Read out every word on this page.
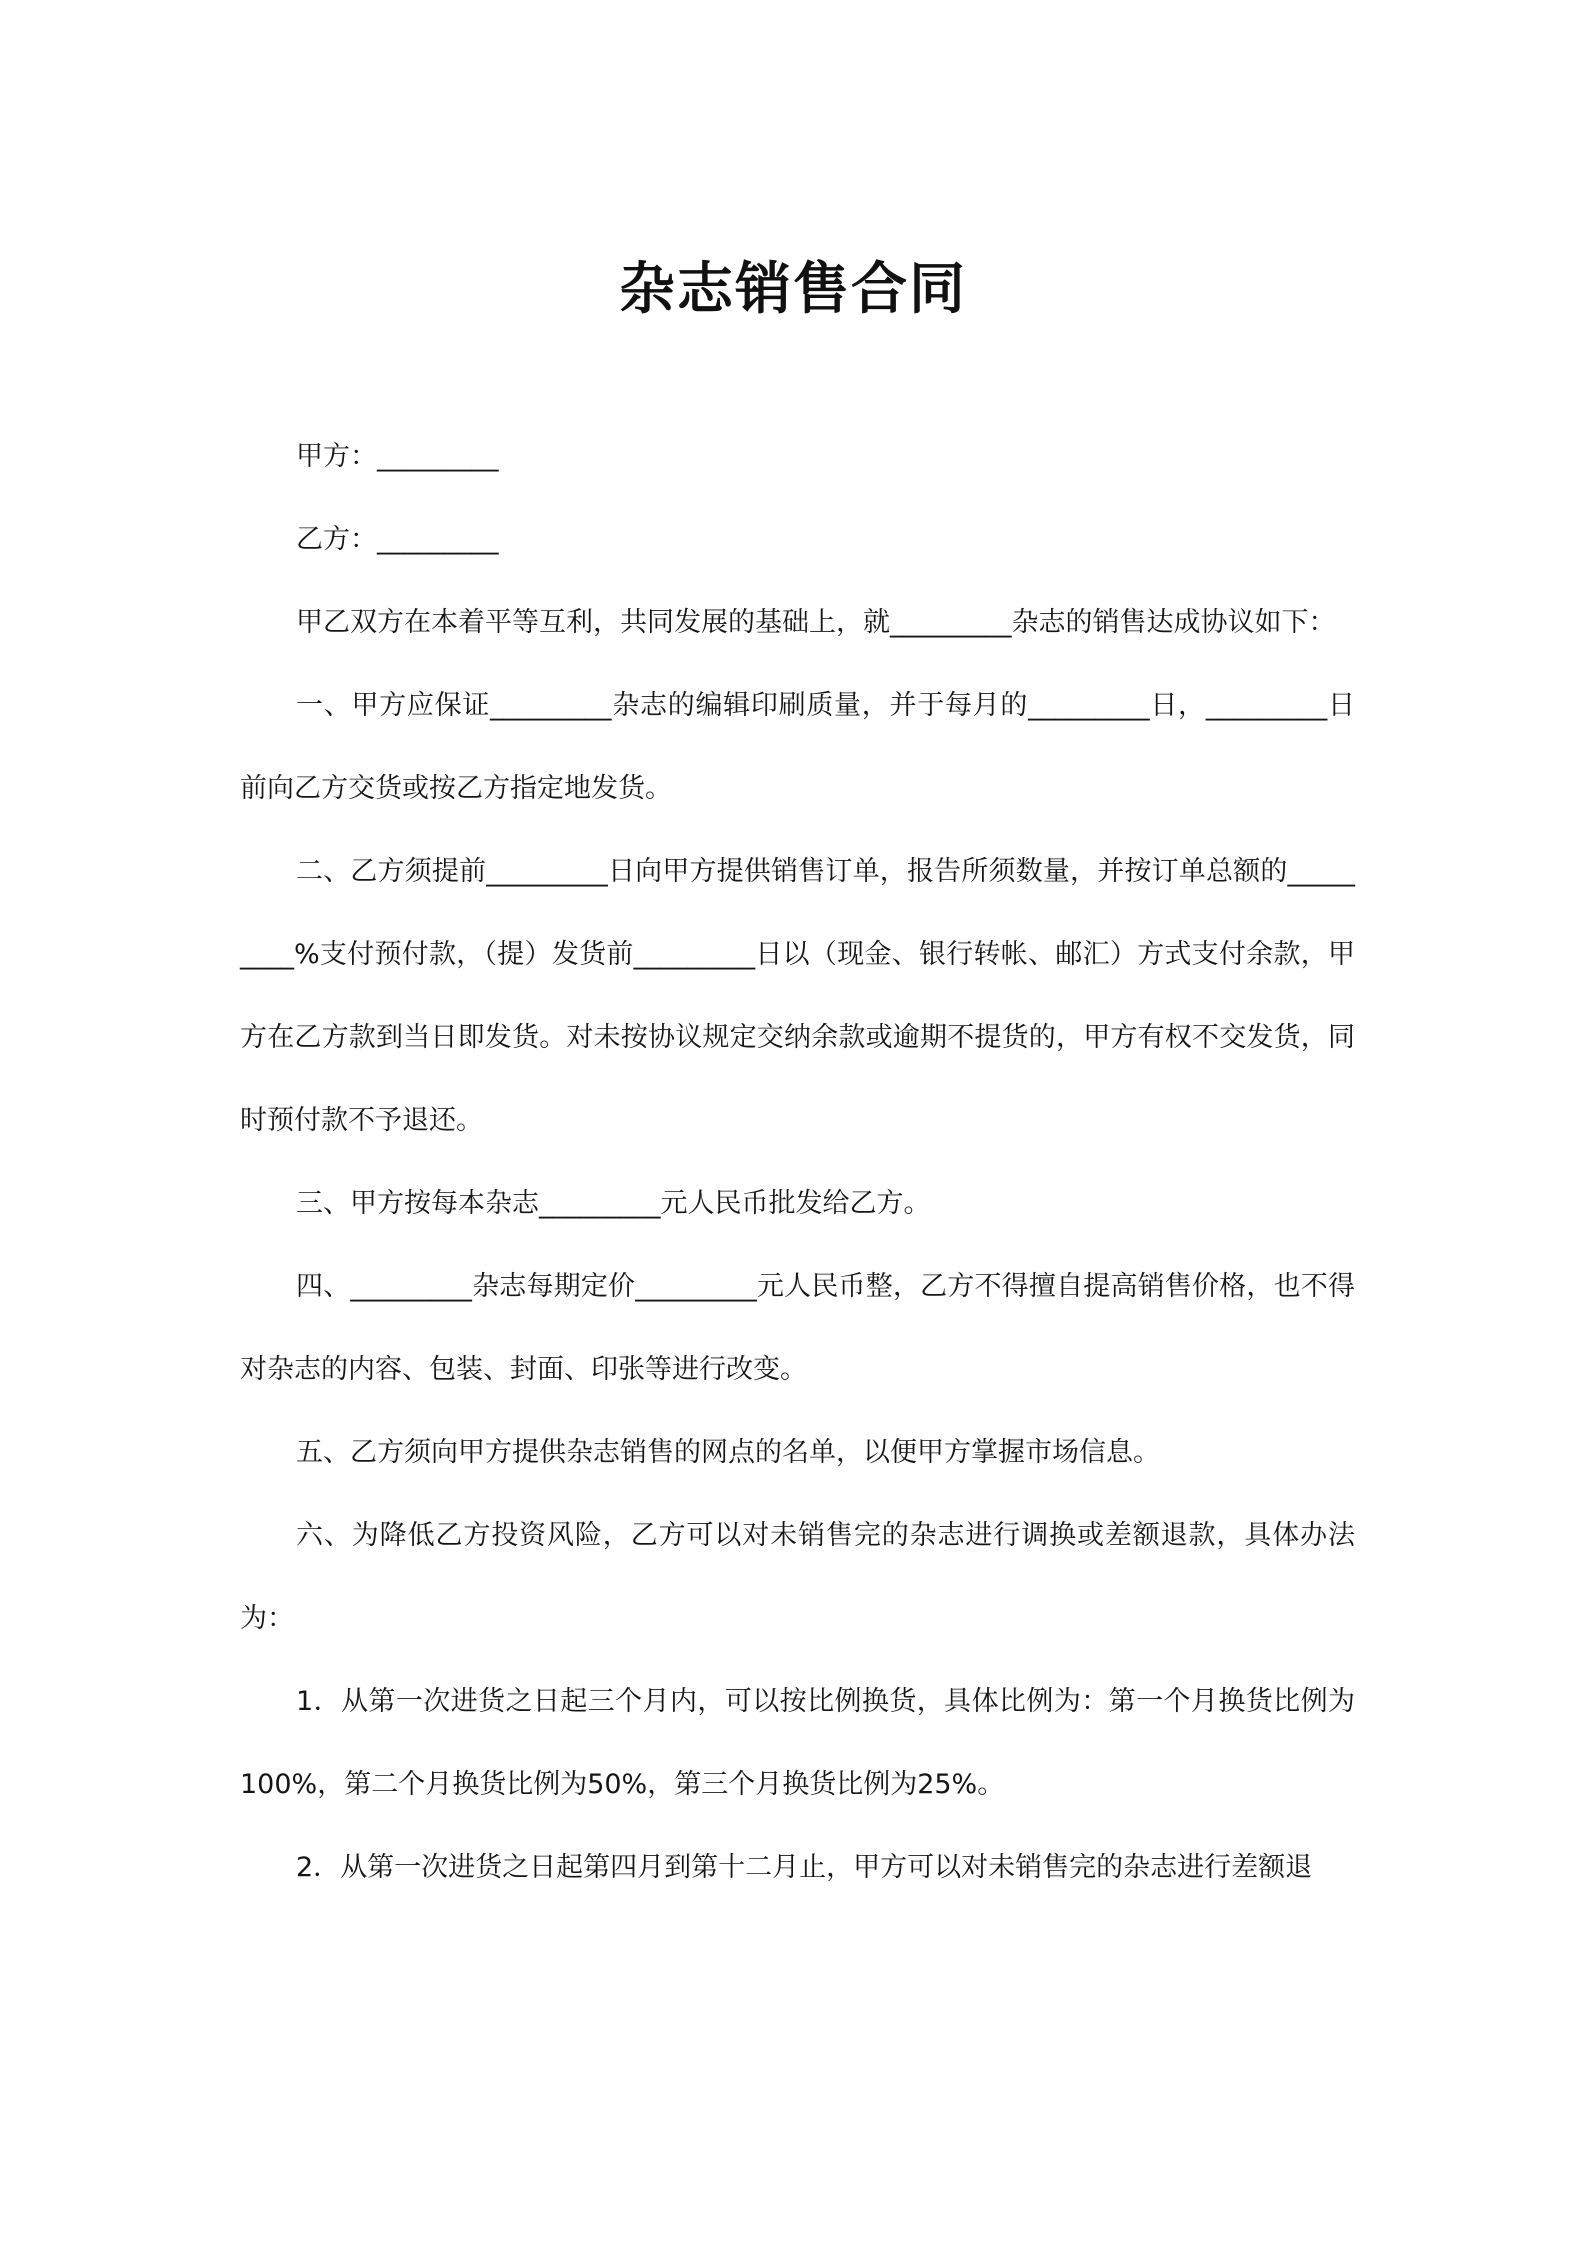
杂志销售合同

甲方：_________

乙方：_________

甲乙双方在本着平等互利，共同发展的基础上，就_________杂志的销售达成协议如下：

一、甲方应保证_________杂志的编辑印刷质量，并于每月的_________日，_________日前向乙方交货或按乙方指定地发货。

二、乙方须提前_________日向甲方提供销售订单，报告所须数量，并按订单总额的_________%支付预付款，（提）发货前_________日以（现金、银行转帐、邮汇）方式支付余款，甲方在乙方款到当日即发货。对未按协议规定交纳余款或逾期不提货的，甲方有权不交发货，同时预付款不予退还。

三、甲方按每本杂志_________元人民币批发给乙方。

四、_________杂志每期定价_________元人民币整，乙方不得擅自提高销售价格，也不得对杂志的内容、包装、封面、印张等进行改变。

五、乙方须向甲方提供杂志销售的网点的名单，以便甲方掌握市场信息。

六、为降低乙方投资风险，乙方可以对未销售完的杂志进行调换或差额退款，具体办法为：

1．从第一次进货之日起三个月内，可以按比例换货，具体比例为：第一个月换货比例为100%，第二个月换货比例为50%，第三个月换货比例为25%。

2．从第一次进货之日起第四月到第十二月止，甲方可以对未销售完的杂志进行差额退
